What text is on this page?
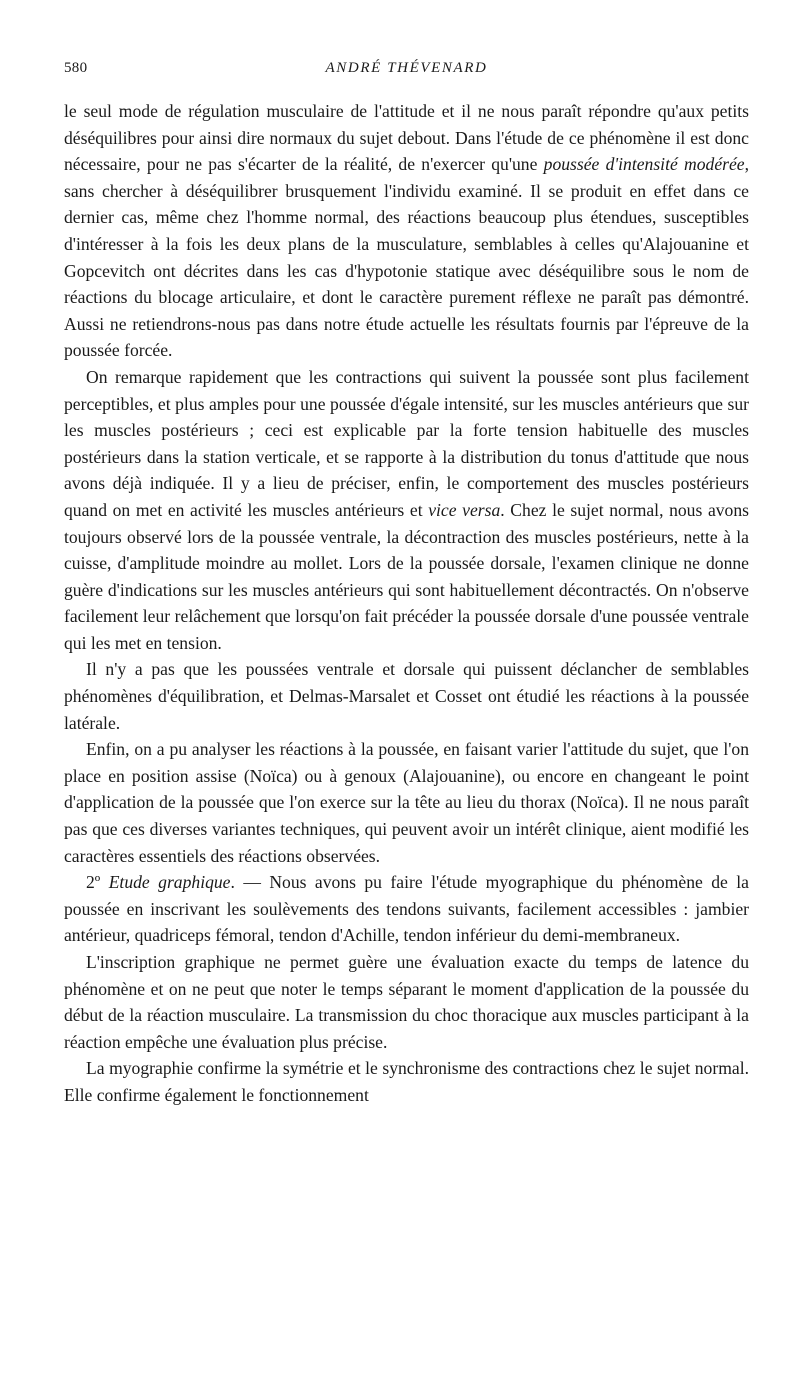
580	ANDRÉ THÉVENARD

le seul mode de régulation musculaire de l'attitude et il ne nous paraît répondre qu'aux petits déséquilibres pour ainsi dire normaux du sujet debout. Dans l'étude de ce phénomène il est donc nécessaire, pour ne pas s'écarter de la réalité, de n'exercer qu'une poussée d'intensité modérée, sans chercher à déséquilibrer brusquement l'individu examiné. Il se produit en effet dans ce dernier cas, même chez l'homme normal, des réactions beaucoup plus étendues, susceptibles d'intéresser à la fois les deux plans de la musculature, semblables à celles qu'Alajouanine et Gopcevitch ont décrites dans les cas d'hypotonie statique avec déséquilibre sous le nom de réactions du blocage articulaire, et dont le caractère purement réflexe ne paraît pas démontré. Aussi ne retiendrons-nous pas dans notre étude actuelle les résultats fournis par l'épreuve de la poussée forcée.

On remarque rapidement que les contractions qui suivent la poussée sont plus facilement perceptibles, et plus amples pour une poussée d'égale intensité, sur les muscles antérieurs que sur les muscles postérieurs ; ceci est explicable par la forte tension habituelle des muscles postérieurs dans la station verticale, et se rapporte à la distribution du tonus d'attitude que nous avons déjà indiquée. Il y a lieu de préciser, enfin, le comportement des muscles postérieurs quand on met en activité les muscles antérieurs et vice versa. Chez le sujet normal, nous avons toujours observé lors de la poussée ventrale, la décontraction des muscles postérieurs, nette à la cuisse, d'amplitude moindre au mollet. Lors de la poussée dorsale, l'examen clinique ne donne guère d'indications sur les muscles antérieurs qui sont habituellement décontractés. On n'observe facilement leur relâchement que lorsqu'on fait précéder la poussée dorsale d'une poussée ventrale qui les met en tension.

Il n'y a pas que les poussées ventrale et dorsale qui puissent déclancher de semblables phénomènes d'équilibration, et Delmas-Marsalet et Cosset ont étudié les réactions à la poussée latérale.

Enfin, on a pu analyser les réactions à la poussée, en faisant varier l'attitude du sujet, que l'on place en position assise (Noïca) ou à genoux (Alajouanine), ou encore en changeant le point d'application de la poussée que l'on exerce sur la tête au lieu du thorax (Noïca). Il ne nous paraît pas que ces diverses variantes techniques, qui peuvent avoir un intérêt clinique, aient modifié les caractères essentiels des réactions observées.

2º Etude graphique. — Nous avons pu faire l'étude myographique du phénomène de la poussée en inscrivant les soulèvements des tendons suivants, facilement accessibles : jambier antérieur, quadriceps fémoral, tendon d'Achille, tendon inférieur du demi-membraneux.

L'inscription graphique ne permet guère une évaluation exacte du temps de latence du phénomène et on ne peut que noter le temps séparant le moment d'application de la poussée du début de la réaction musculaire. La transmission du choc thoracique aux muscles participant à la réaction empêche une évaluation plus précise.

La myographie confirme la symétrie et le synchronisme des contractions chez le sujet normal. Elle confirme également le fonctionnement
